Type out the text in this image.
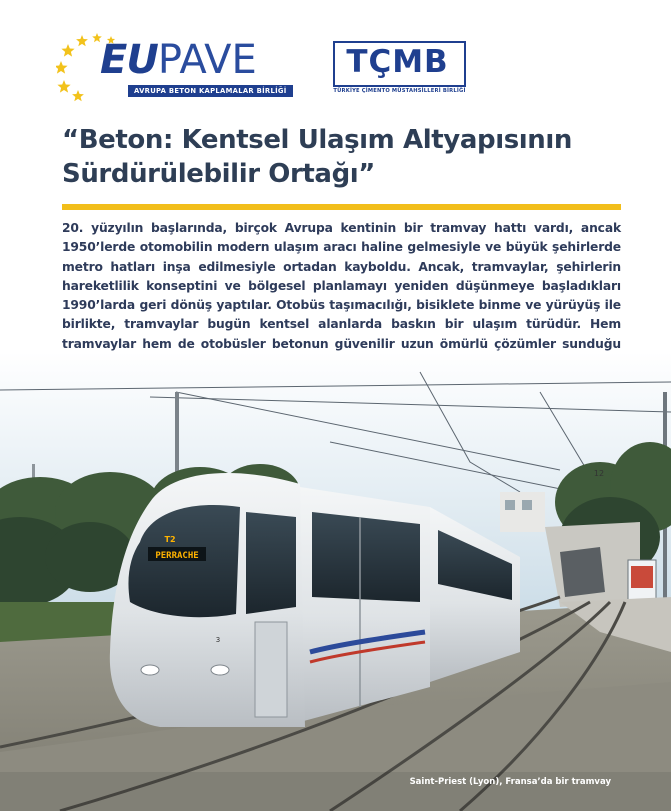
EUPAVE
AVRUPA BETON KAPLAMALAR BİRLİĞİ
TÇMB
TÜRKİYE ÇİMENTO MÜSTAHSİLLERİ BİRLİĞİ
“Beton: Kentsel Ulaşım Altyapısının
Sürdürülebilir Ortağı”
20. yüzyılın başlarında, birçok Avrupa kentinin bir tramvay hattı vardı, ancak 1950’lerde otomobilin modern ulaşım aracı haline gelmesiyle ve büyük şehirlerde metro hatları inşa edilmesiyle ortadan kayboldu. Ancak, tramvaylar, şehirlerin hareketlilik konseptini ve bölgesel planlamayı yeniden düşünmeye başladıkları 1990’larda geri dönüş yaptılar. Otobüs taşımacılığı, bisiklete binme ve yürüyüş ile birlikte, tramvaylar bugün kentsel alanlarda baskın bir ulaşım türüdür. Hem tramvaylar hem de otobüsler betonun güvenilir uzun ömürlü çözümler sunduğu
PERRACHE
T2
3
12
Saint-Priest (Lyon), Fransa’da bir tramvay
